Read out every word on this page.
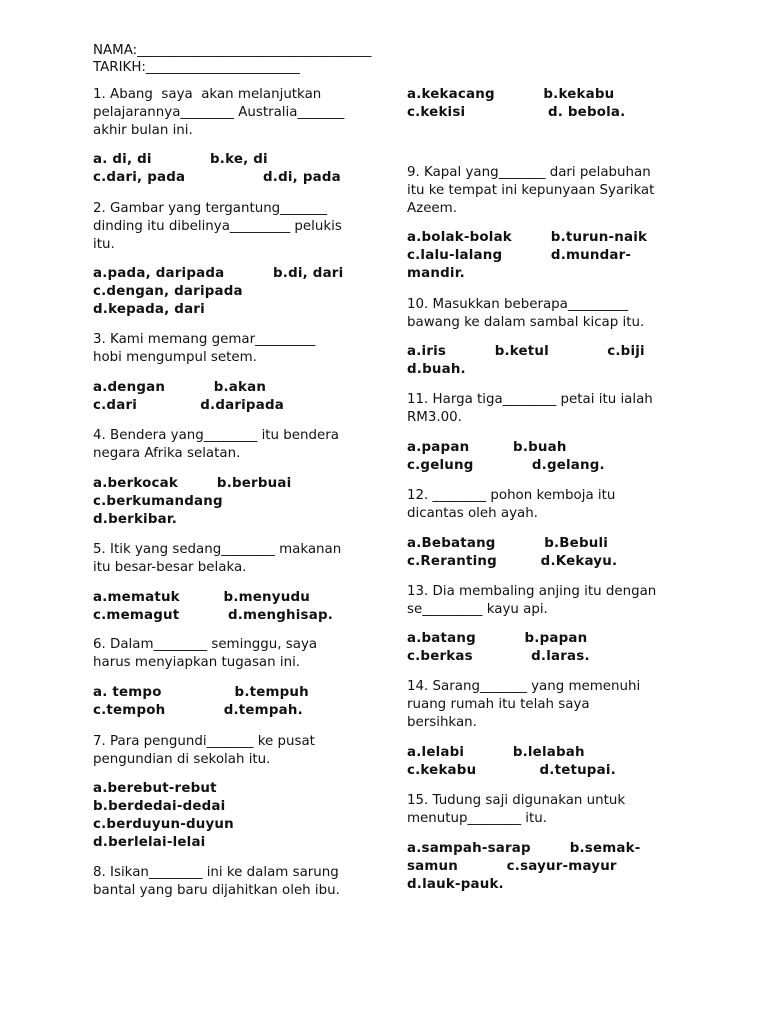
NAMA:___________________________________
TARIKH:_______________________
1. Abang  saya  akan melanjutkan
pelajarannya________ Australia_______
akhir bulan ini.
a. di, di            b.ke, di
c.dari, pada                d.di, pada
2. Gambar yang tergantung_______
dinding itu dibelinya_________ pelukis
itu.
a.pada, daripada          b.di, dari
c.dengan, daripada
d.kepada, dari
3. Kami memang gemar_________
hobi mengumpul setem.
a.dengan          b.akan
c.dari             d.daripada
4. Bendera yang________ itu bendera
negara Afrika selatan.
a.berkocak        b.berbuai
c.berkumandang
d.berkibar.
5. Itik yang sedang________ makanan
itu besar-besar belaka.
a.mematuk         b.menyudu
c.memagut          d.menghisap.
6. Dalam________ seminggu, saya
harus menyiapkan tugasan ini.
a. tempo               b.tempuh
c.tempoh            d.tempah.
7. Para pengundi_______ ke pusat
pengundian di sekolah itu.
a.berebut-rebut
b.berdedai-dedai
c.berduyun-duyun
d.berlelai-lelai
8. Isikan________ ini ke dalam sarung
bantal yang baru dijahitkan oleh ibu.
a.kekacang          b.kekabu
c.kekisi                 d. bebola.
9. Kapal yang_______ dari pelabuhan
itu ke tempat ini kepunyaan Syarikat
Azeem.
a.bolak-bolak        b.turun-naik
c.lalu-lalang          d.mundar-
mandir.
10. Masukkan beberapa_________
bawang ke dalam sambal kicap itu.
a.iris          b.ketul            c.biji
d.buah.
11. Harga tiga________ petai itu ialah
RM3.00.
a.papan         b.buah
c.gelung            d.gelang.
12. ________ pohon kemboja itu
dicantas oleh ayah.
a.Bebatang          b.Bebuli
c.Reranting         d.Kekayu.
13. Dia membaling anjing itu dengan
se_________ kayu api.
a.batang          b.papan
c.berkas            d.laras.
14. Sarang_______ yang memenuhi
ruang rumah itu telah saya
bersihkan.
a.lelabi          b.lelabah
c.kekabu             d.tetupai.
15. Tudung saji digunakan untuk
menutup________ itu.
a.sampah-sarap        b.semak-
samun          c.sayur-mayur
d.lauk-pauk.
